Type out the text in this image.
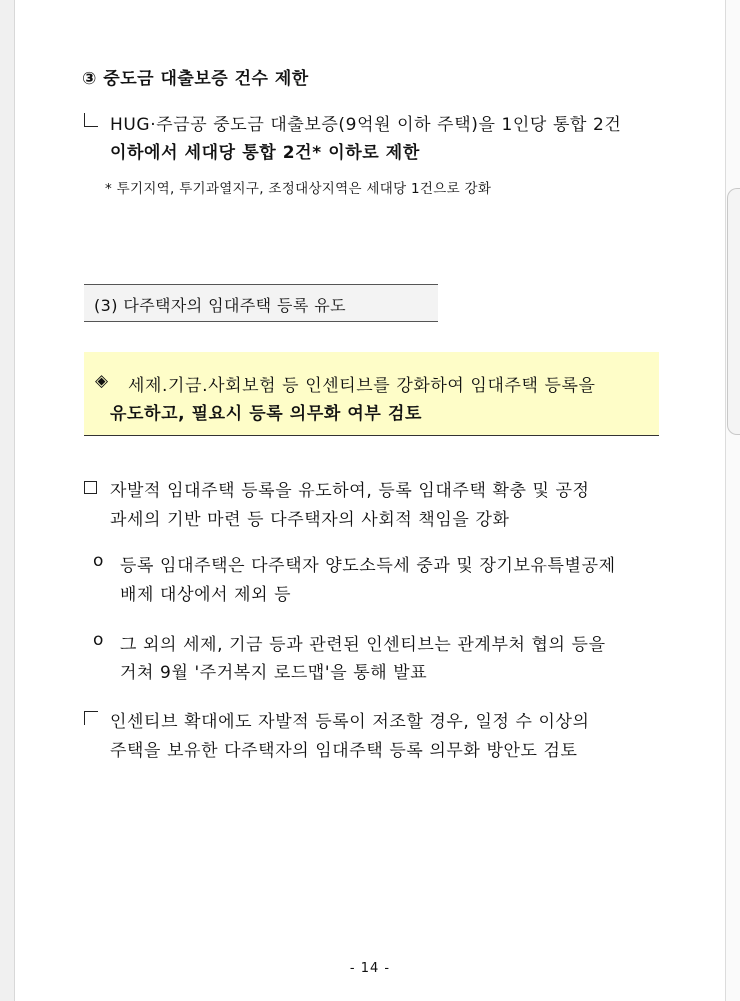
③ 중도금 대출보증 건수 제한
HUG·주금공 중도금 대출보증(9억원 이하 주택)을 1인당 통합 2건
이하에서 세대당 통합 2건* 이하로 제한
* 투기지역, 투기과열지구, 조정대상지역은 세대당 1건으로 강화
(3) 다주택자의 임대주택 등록 유도
◈ 세제.기금.사회보험 등 인센티브를 강화하여 임대주택 등록을
유도하고, 필요시 등록 의무화 여부 검토
자발적 임대주택 등록을 유도하여, 등록 임대주택 확충 및 공정
과세의 기반 마련 등 다주택자의 사회적 책임을 강화
o 등록 임대주택은 다주택자 양도소득세 중과 및 장기보유특별공제
배제 대상에서 제외 등
o 그 외의 세제, 기금 등과 관련된 인센티브는 관계부처 협의 등을
거쳐 9월 '주거복지 로드맵'을 통해 발표
인센티브 확대에도 자발적 등록이 저조할 경우, 일정 수 이상의
주택을 보유한 다주택자의 임대주택 등록 의무화 방안도 검토
- 14 -
